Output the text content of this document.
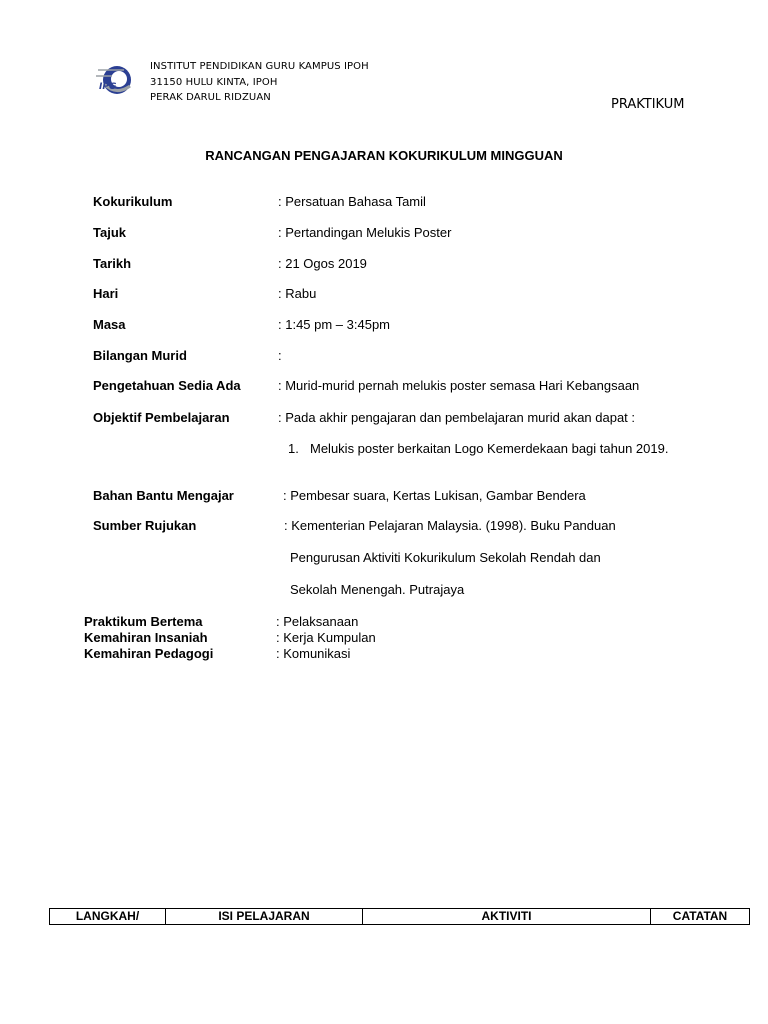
IPG
INSTITUT PENDIDIKAN GURU KAMPUS IPOH
31150 HULU KINTA, IPOH
PERAK DARUL RIDZUAN	PRAKTIKUM
RANCANGAN PENGAJARAN KOKURIKULUM MINGGUAN
Kokurikulum	: Persatuan Bahasa Tamil
Tajuk	: Pertandingan Melukis Poster
Tarikh	: 21 Ogos 2019
Hari	: Rabu
Masa	: 1:45 pm – 3:45pm
Bilangan Murid	:
Pengetahuan Sedia Ada	: Murid-murid pernah melukis poster semasa Hari Kebangsaan
Objektif Pembelajaran	: Pada akhir pengajaran dan pembelajaran murid akan dapat :
1. Melukis poster berkaitan Logo Kemerdekaan bagi tahun 2019.
Bahan Bantu Mengajar	: Pembesar suara, Kertas Lukisan, Gambar Bendera
Sumber Rujukan	: Kementerian Pelajaran Malaysia. (1998). Buku Panduan
Pengurusan Aktiviti Kokurikulum Sekolah Rendah dan
Sekolah Menengah. Putrajaya
Praktikum Bertema	: Pelaksanaan
Kemahiran Insaniah	: Kerja Kumpulan
Kemahiran Pedagogi	: Komunikasi
LANGKAH/	ISI PELAJARAN	AKTIVITI	CATATAN
